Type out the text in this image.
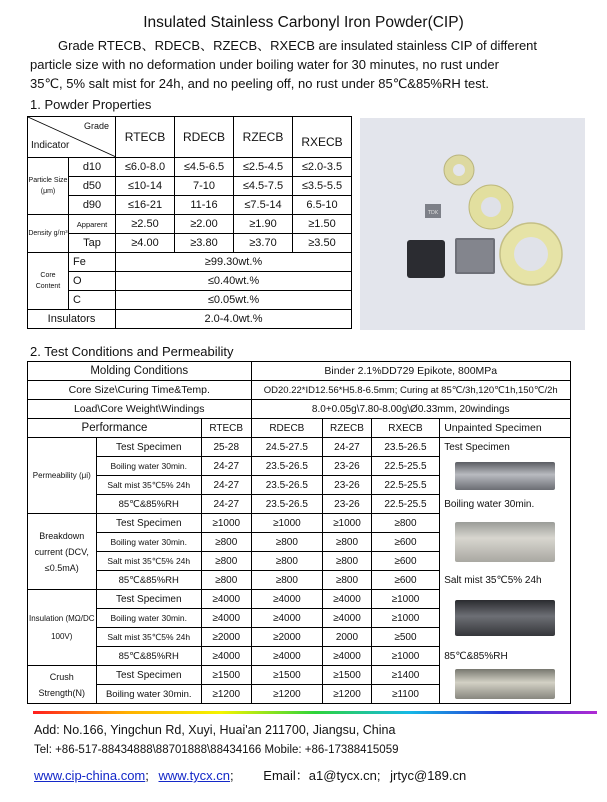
Insulated Stainless Carbonyl Iron Powder(CIP)

Grade RTECB、RDECB、RZECB、RXECB are insulated stainless CIP of different

particle size with no deformation under boiling water for 30 minutes, no rust under

35℃, 5% salt mist for 24h, and no peeling off, no rust under 85℃&85%RH test.

1. Powder Properties
Grade
Indicator		RTECB	RDECB	RZECB	RXECB
Particle Size (μm)	d10	≤6.0-8.0	≤4.5-6.5	≤2.5-4.5	≤2.0-3.5
	d50	≤10-14	7-10	≤4.5-7.5	≤3.5-5.5
	d90	≤16-21	11-16	≤7.5-14	6.5-10
Density g/m³	Apparent	≥2.50	≥2.00	≥1.90	≥1.50
	Tap	≥4.00	≥3.80	≥3.70	≥3.50
Core Content	Fe	≥99.30wt.%			
	O	≤0.40wt.%			
	C	≤0.05wt.%			
Insulators		2.0-4.0wt.%			
TDK
2. Test Conditions and Permeability
Molding Conditions			Binder 2.1%DD729 Epikote, 800MPa			
Core Size\Curing Time&Temp.			OD20.22*ID12.56*H5.8-6.5mm; Curing at 85℃/3h,120℃1h,150℃/2h			
Load\Core Weight\Windings			8.0+0.05g\7.80-8.00g\Ø0.33mm, 20windings			
Performance		RTECB	RDECB	RZECB	RXECB	Unpainted Specimen
Permeability (μi)	Test Specimen	25-28	24.5-27.5	24-27	23.5-26.5	Test Specimen
	Boiling water 30min.	24-27	23.5-26.5	23-26	22.5-25.5	

	Salt mist 35℃5% 24h	24-27	23.5-26.5	23-26	22.5-25.5	
	85℃&85%RH	24-27	23.5-26.5	23-26	22.5-25.5	Boiling water 30min.
Breakdown current (DCV, ≤0.5mA)	Test Specimen	≥1000	≥1000	≥1000	≥800	

	Boiling water 30min.	≥800	≥800	≥800	≥600	
	Salt mist 35℃5% 24h	≥800	≥800	≥800	≥600	
	85℃&85%RH	≥800	≥800	≥800	≥600	Salt mist 35℃5% 24h
Insulation (MΩ/DC 100V)	Test Specimen	≥4000	≥4000	≥4000	≥1000	

	Boiling water 30min.	≥4000	≥4000	≥4000	≥1000	
	Salt mist 35℃5% 24h	≥2000	≥2000	2000	≥500	
	85℃&85%RH	≥4000	≥4000	≥4000	≥1000	85℃&85%RH
Crush Strength(N)	Test Specimen	≥1500	≥1500	≥1500	≥1400	

	Boiling water 30min.	≥1200	≥1200	≥1200	≥1100	
Add: No.166, Yingchun Rd, Xuyi, Huai'an 211700, Jiangsu, China
Tel: +86-517-88434888\88701888\88434166 Mobile: +86-17388415059
www.cip-china.com; www.tycx.cn; Email：a1@tycx.cn; jrtyc@189.cn
